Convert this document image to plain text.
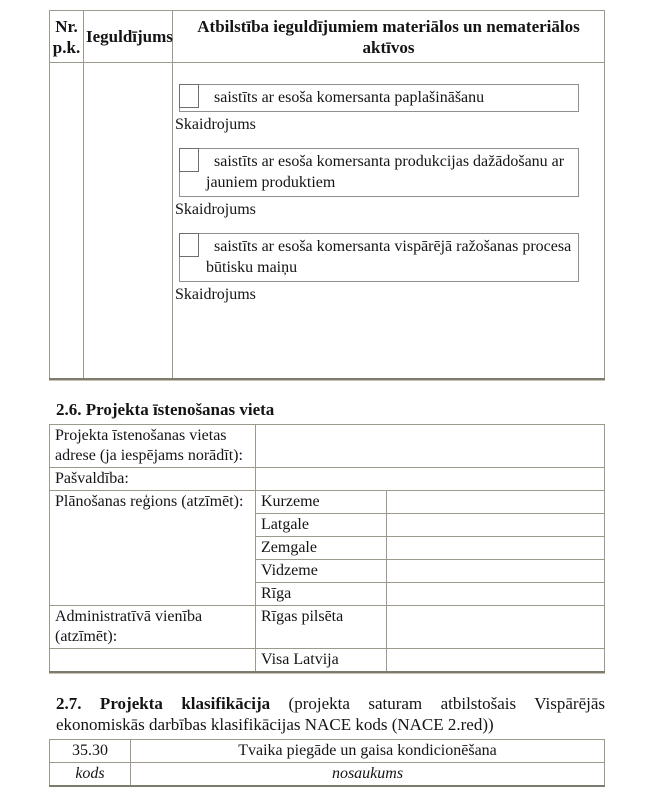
Nr. p.k.	Ieguldījums	Atbilstība ieguldījumiem materiālos un nemateriālos aktīvos

saistīts ar esoša komersanta paplašināšanu
Skaidrojums
saistīts ar esoša komersanta produkcijas dažādošanu ar jauniem produktiem
Skaidrojums
saistīts ar esoša komersanta vispārējā ražošanas procesa būtisku maiņu
Skaidrojums
2.6. Projekta īstenošanas vieta
Projekta īstenošanas vietas adrese (ja iespējams norādīt):		
Pašvaldība:		
Plānošanas reģions (atzīmēt):	Kurzeme	
	Latgale	
	Zemgale	
	Vidzeme	
	Rīga	
Administratīvā vienība (atzīmēt):	Rīgas pilsēta	
	Visa Latvija	
2.7. Projekta klasifikācija (projekta saturam atbilstošais Vispārējās
ekonomiskās darbības klasifikācijas NACE kods (NACE 2.red))
35.30	Tvaika piegāde un gaisa kondicionēšana
kods	nosaukums
